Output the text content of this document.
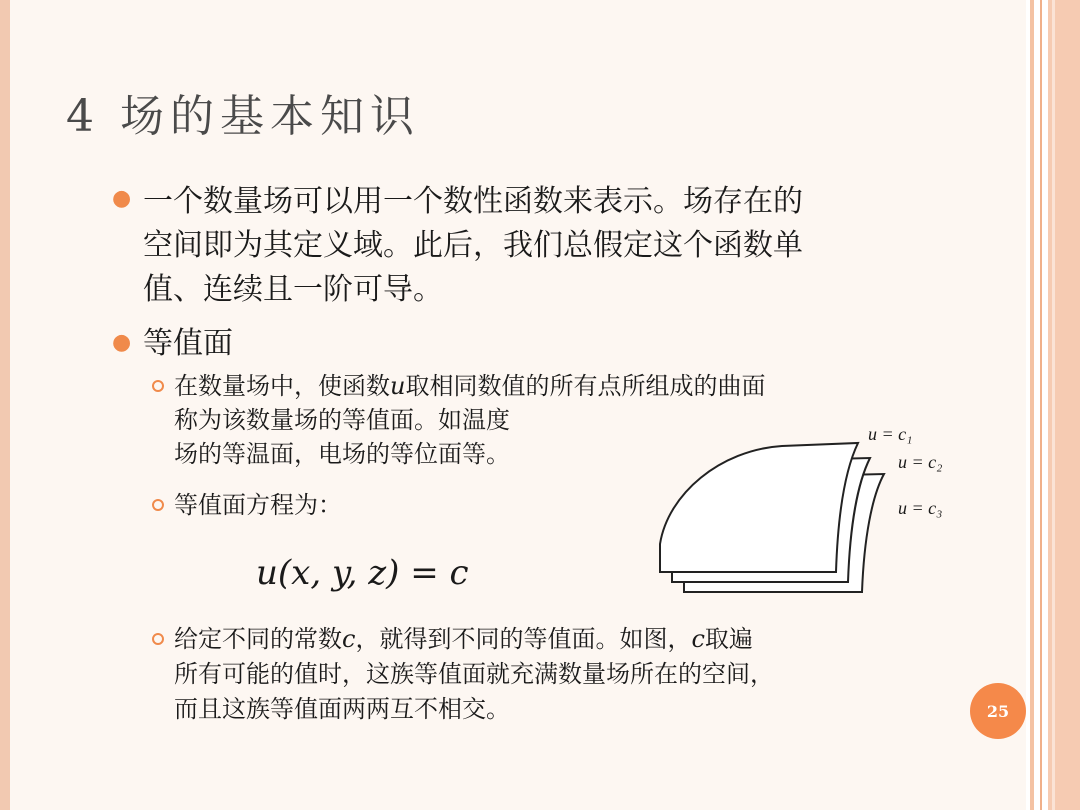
4 场的基本知识
● 一个数量场可以用一个数性函数来表示。场存在的
空间即为其定义域。此后，我们总假定这个函数单
值、连续且一阶可导。
● 等值面
在数量场中，使函数u取相同数值的所有点所组成的曲面
称为该数量场的等值面。如温度
场的等温面，电场的等位面等。
等值面方程为：
u(x, y, z) = c
给定不同的常数c，就得到不同的等值面。如图，c取遍
所有可能的值时，这族等值面就充满数量场所在的空间，
而且这族等值面两两互不相交。
u = c₁
u = c₂
u = c₃
25
